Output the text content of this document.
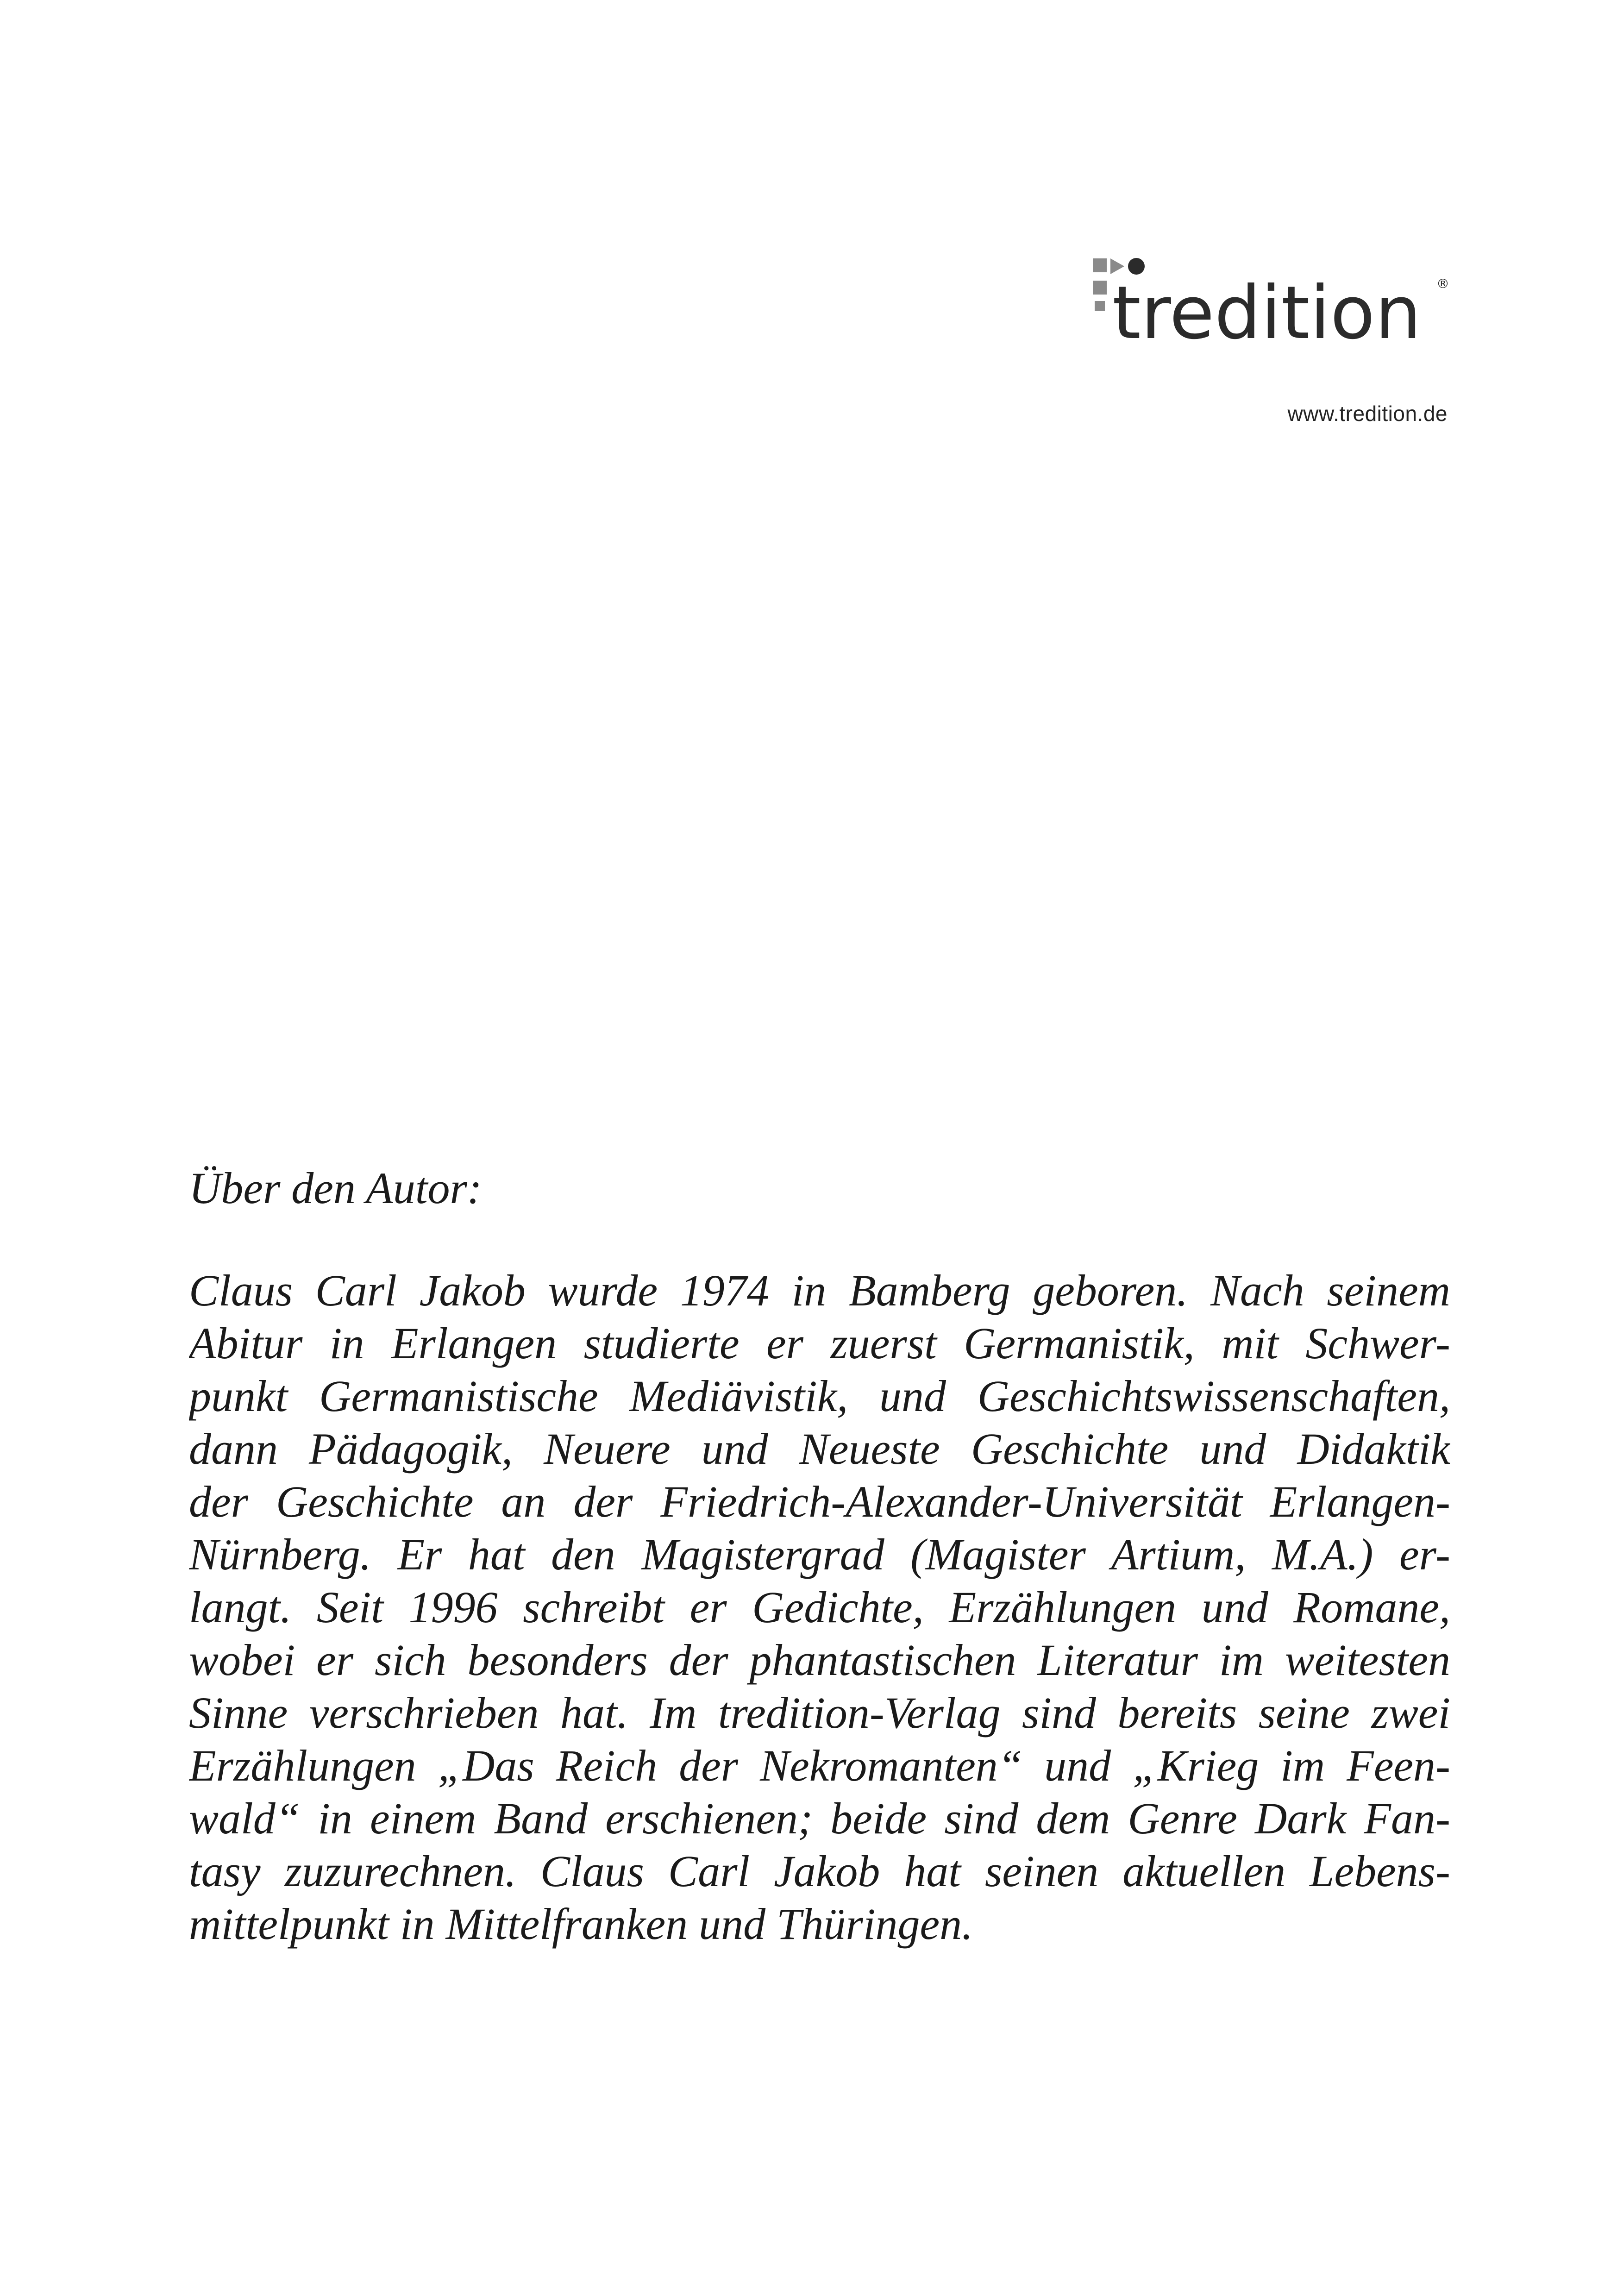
tredition ®
www.tredition.de
Über den Autor:
Claus Carl Jakob wurde 1974 in Bamberg geboren. Nach seinem
Abitur in Erlangen studierte er zuerst Germanistik, mit Schwer-
punkt Germanistische Mediävistik, und Geschichtswissenschaften,
dann Pädagogik, Neuere und Neueste Geschichte und Didaktik
der Geschichte an der Friedrich-Alexander-Universität Erlangen-
Nürnberg. Er hat den Magistergrad (Magister Artium, M.A.) er-
langt. Seit 1996 schreibt er Gedichte, Erzählungen und Romane,
wobei er sich besonders der phantastischen Literatur im weitesten
Sinne verschrieben hat. Im tredition-Verlag sind bereits seine zwei
Erzählungen „Das Reich der Nekromanten“ und „Krieg im Feen-
wald“ in einem Band erschienen; beide sind dem Genre Dark Fan-
tasy zuzurechnen. Claus Carl Jakob hat seinen aktuellen Lebens-
mittelpunkt in Mittelfranken und Thüringen.
